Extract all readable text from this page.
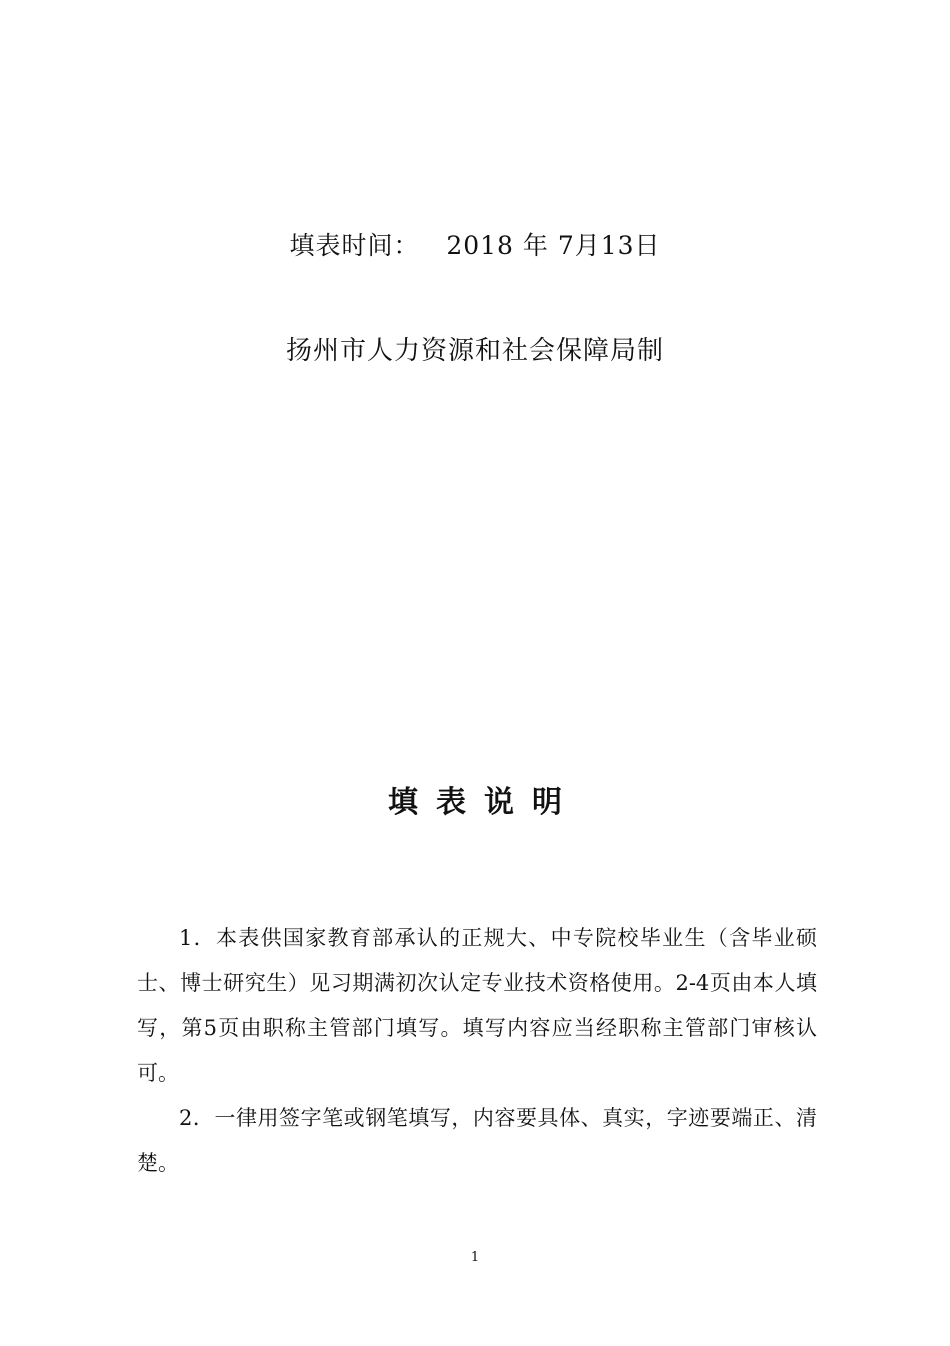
填表时间： 2018 年 7月13日
扬州市人力资源和社会保障局制
填表说明

1．本表供国家教育部承认的正规大、中专院校毕业生（含毕业硕士、博士研究生）见习期满初次认定专业技术资格使用。2-4页由本人填写，第5页由职称主管部门填写。填写内容应当经职称主管部门审核认可。

2．一律用签字笔或钢笔填写，内容要具体、真实，字迹要端正、清楚。

1
